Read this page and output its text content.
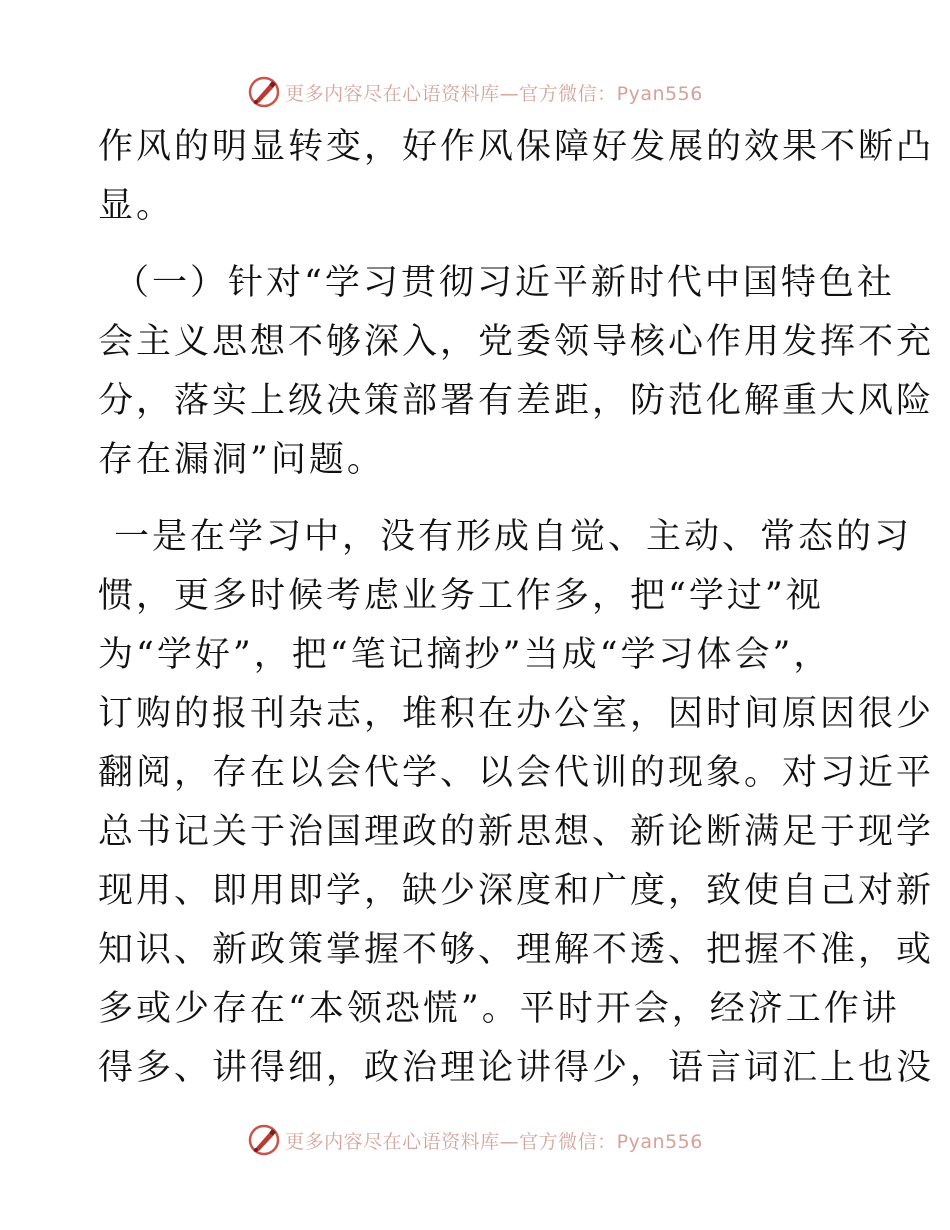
更多内容尽在心语资料库—官方微信：Pyan556
作风的明显转变，好作风保障好发展的效果不断凸
显。
（一）针对“学习贯彻习近平新时代中国特色社
会主义思想不够深入，党委领导核心作用发挥不充
分，落实上级决策部署有差距，防范化解重大风险
存在漏洞”问题。
一是在学习中，没有形成自觉、主动、常态的习
惯，更多时候考虑业务工作多，把“学过”视
为“学好”，把“笔记摘抄”当成“学习体会”，
订购的报刊杂志，堆积在办公室，因时间原因很少
翻阅，存在以会代学、以会代训的现象。对习近平
总书记关于治国理政的新思想、新论断满足于现学
现用、即用即学，缺少深度和广度，致使自己对新
知识、新政策掌握不够、理解不透、把握不准，或
多或少存在“本领恐慌”。平时开会，经济工作讲
得多、讲得细，政治理论讲得少，语言词汇上也没
更多内容尽在心语资料库—官方微信：Pyan556
